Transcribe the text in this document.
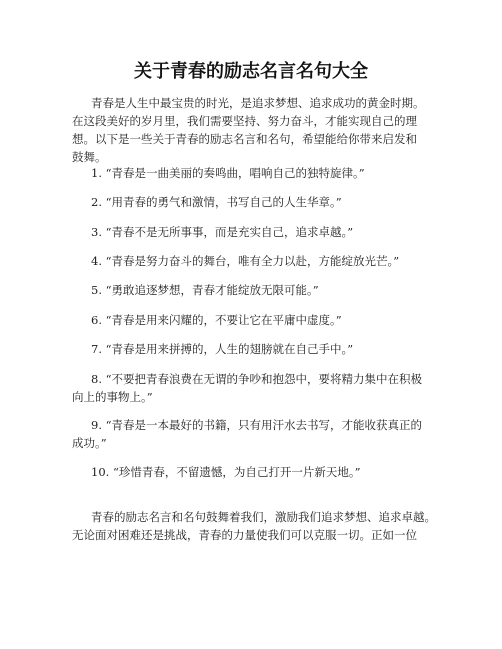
关于青春的励志名言名句大全
青春是人生中最宝贵的时光，是追求梦想、追求成功的黄金时期。
在这段美好的岁月里，我们需要坚持、努力奋斗，才能实现自己的理
想。以下是一些关于青春的励志名言和名句，希望能给你带来启发和
鼓舞。
1. “青春是一曲美丽的奏鸣曲，唱响自己的独特旋律。”
2. “用青春的勇气和激情，书写自己的人生华章。”
3. “青春不是无所事事，而是充实自己，追求卓越。”
4. “青春是努力奋斗的舞台，唯有全力以赴，方能绽放光芒。”
5. “勇敢追逐梦想，青春才能绽放无限可能。”
6. “青春是用来闪耀的，不要让它在平庸中虚度。”
7. “青春是用来拼搏的，人生的翅膀就在自己手中。”
8. “不要把青春浪费在无谓的争吵和抱怨中，要将精力集中在积极
向上的事物上。”
9. “青春是一本最好的书籍，只有用汗水去书写，才能收获真正的
成功。”
10. “珍惜青春，不留遗憾，为自己打开一片新天地。”
青春的励志名言和名句鼓舞着我们，激励我们追求梦想、追求卓越。
无论面对困难还是挑战，青春的力量使我们可以克服一切。正如一位
